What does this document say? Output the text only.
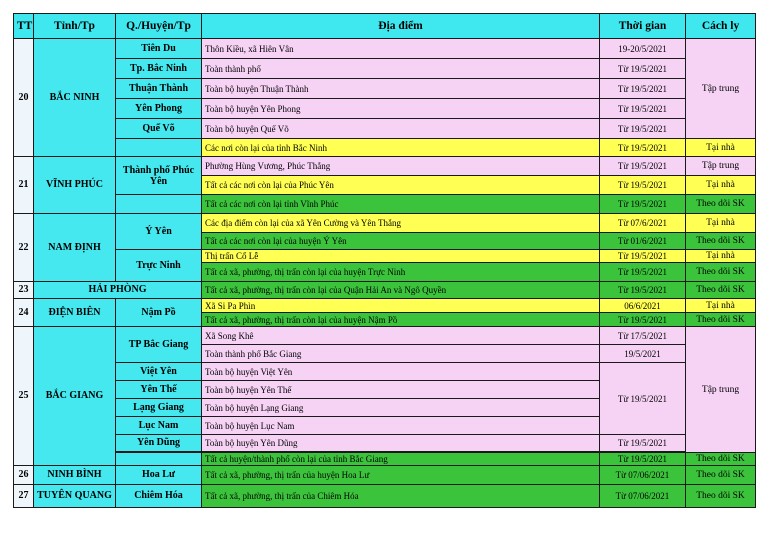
TT	Tỉnh/Tp	Q./Huyện/Tp	Địa điểm	Thời gian	Cách ly
20	BẮC NINH	Tiên Du	Thôn Kiều, xã Hiên Vân	19-20/5/2021	Tập trung
		Tp. Bắc Ninh	Toàn thành phố	Từ 19/5/2021	
		Thuận Thành	Toàn bộ huyện Thuận Thành	Từ 19/5/2021	
		Yên Phong	Toàn bộ huyện Yên Phong	Từ 19/5/2021	
		Quế Võ	Toàn bộ huyện Quế Võ	Từ 19/5/2021	
			Các nơi còn lại của tỉnh Bắc Ninh	Từ 19/5/2021	Tại nhà
21	VĨNH PHÚC	Thành phố Phúc Yên	Phường Hùng Vương, Phúc Thắng	Từ 19/5/2021	Tập trung
			Tất cả các nơi còn lại của Phúc Yên	Từ 19/5/2021	Tại nhà
			Tất cả các nơi còn lại tỉnh Vĩnh Phúc	Từ 19/5/2021	Theo dõi SK
22	NAM ĐỊNH	Ý Yên	Các địa điểm còn lại của xã Yên Cường và Yên Thắng	Từ 07/6/2021	Tại nhà
			Tất cả các nơi còn lại của huyện Ý Yên	Từ 01/6/2021	Theo dõi SK
		Trực Ninh	Thị trấn Cổ Lễ	Từ 19/5/2021	Tại nhà
			Tất cả xã, phường, thị trấn còn lại của huyện Trực Ninh	Từ 19/5/2021	Theo dõi SK
23	HẢI PHÒNG		Tất cả xã, phường, thị trấn còn lại của Quận Hải An và Ngô Quyền	Từ 19/5/2021	Theo dõi SK
24	ĐIỆN BIÊN	Nậm Pồ	Xã Si Pa Phìn	06/6/2021	Tại nhà
			Tất cả xã, phường, thị trấn còn lại của huyện Nậm Pồ	Từ 19/5/2021	Theo dõi SK
25	BẮC GIANG	TP Bắc Giang	Xã Song Khê	Từ 17/5/2021	Tập trung
			Toàn thành phố Bắc Giang	19/5/2021	
		Việt Yên	Toàn bộ huyện Việt Yên	Từ 19/5/2021	
		Yên Thế	Toàn bộ huyện Yên Thế		
		Lạng Giang	Toàn bộ huyện Lạng Giang		
		Lục Nam	Toàn bộ huyện Lục Nam		
		Yên Dũng	Toàn bộ huyện Yên Dũng	Từ 19/5/2021	

			Tất cả huyện/thành phố còn lại của tỉnh Bắc Giang	Từ 19/5/2021	Theo dõi SK
26	NINH BÌNH	Hoa Lư	Tất cả xã, phường, thị trấn của huyện Hoa Lư	Từ 07/06/2021	Theo dõi SK
27	TUYÊN QUANG	Chiêm Hóa	Tất cả xã, phường, thị trấn của Chiêm Hóa	Từ 07/06/2021	Theo dõi SK
